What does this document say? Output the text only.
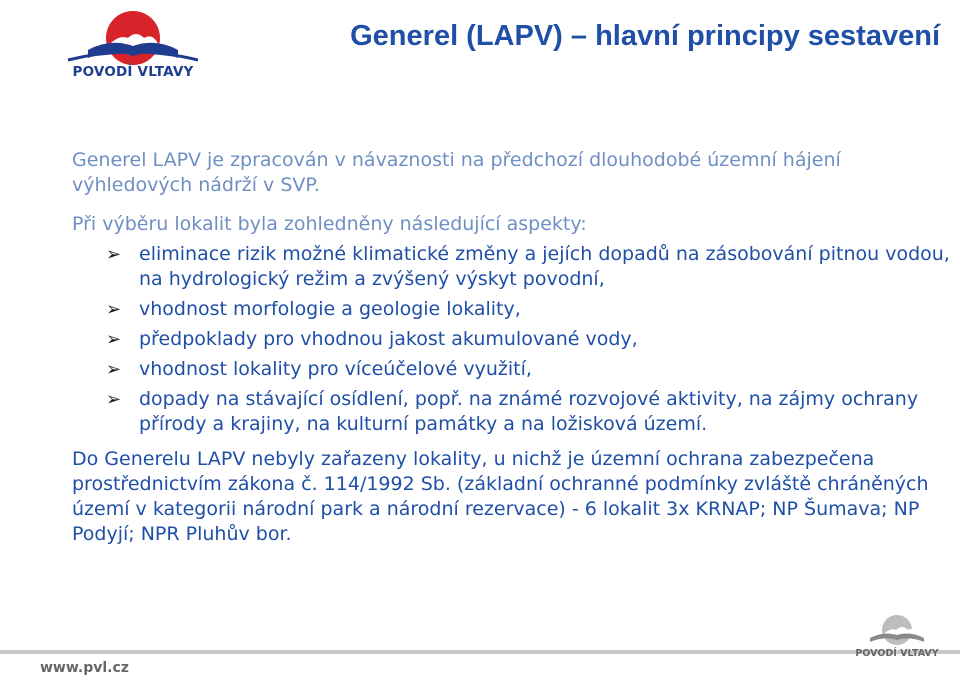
POVODÍ VLTAVY
Generel (LAPV) – hlavní principy sestavení

Generel LAPV je zpracován v návaznosti na předchozí dlouhodobé územní hájení výhledových nádrží v SVP.

Při výběru lokalit byla zohledněny následující aspekty:

➢ eliminace rizik možné klimatické změny a jejích dopadů na zásobování pitnou vodou, na hydrologický režim a zvýšený výskyt povodní,
➢ vhodnost morfologie a geologie lokality,
➢ předpoklady pro vhodnou jakost akumulované vody,
➢ vhodnost lokality pro víceúčelové využití,
➢ dopady na stávající osídlení, popř. na známé rozvojové aktivity, na zájmy ochrany přírody a krajiny, na kulturní památky a na ložisková území.

Do Generelu LAPV nebyly zařazeny lokality, u nichž je územní ochrana zabezpečena prostřednictvím zákona č. 114/1992 Sb. (základní ochranné podmínky zvláště chráněných území v kategorii národní park a národní rezervace) - 6 lokalit 3x KRNAP; NP Šumava; NP Podyjí; NPR Pluhův bor.

www.pvl.cz
POVODÍ VLTAVY
